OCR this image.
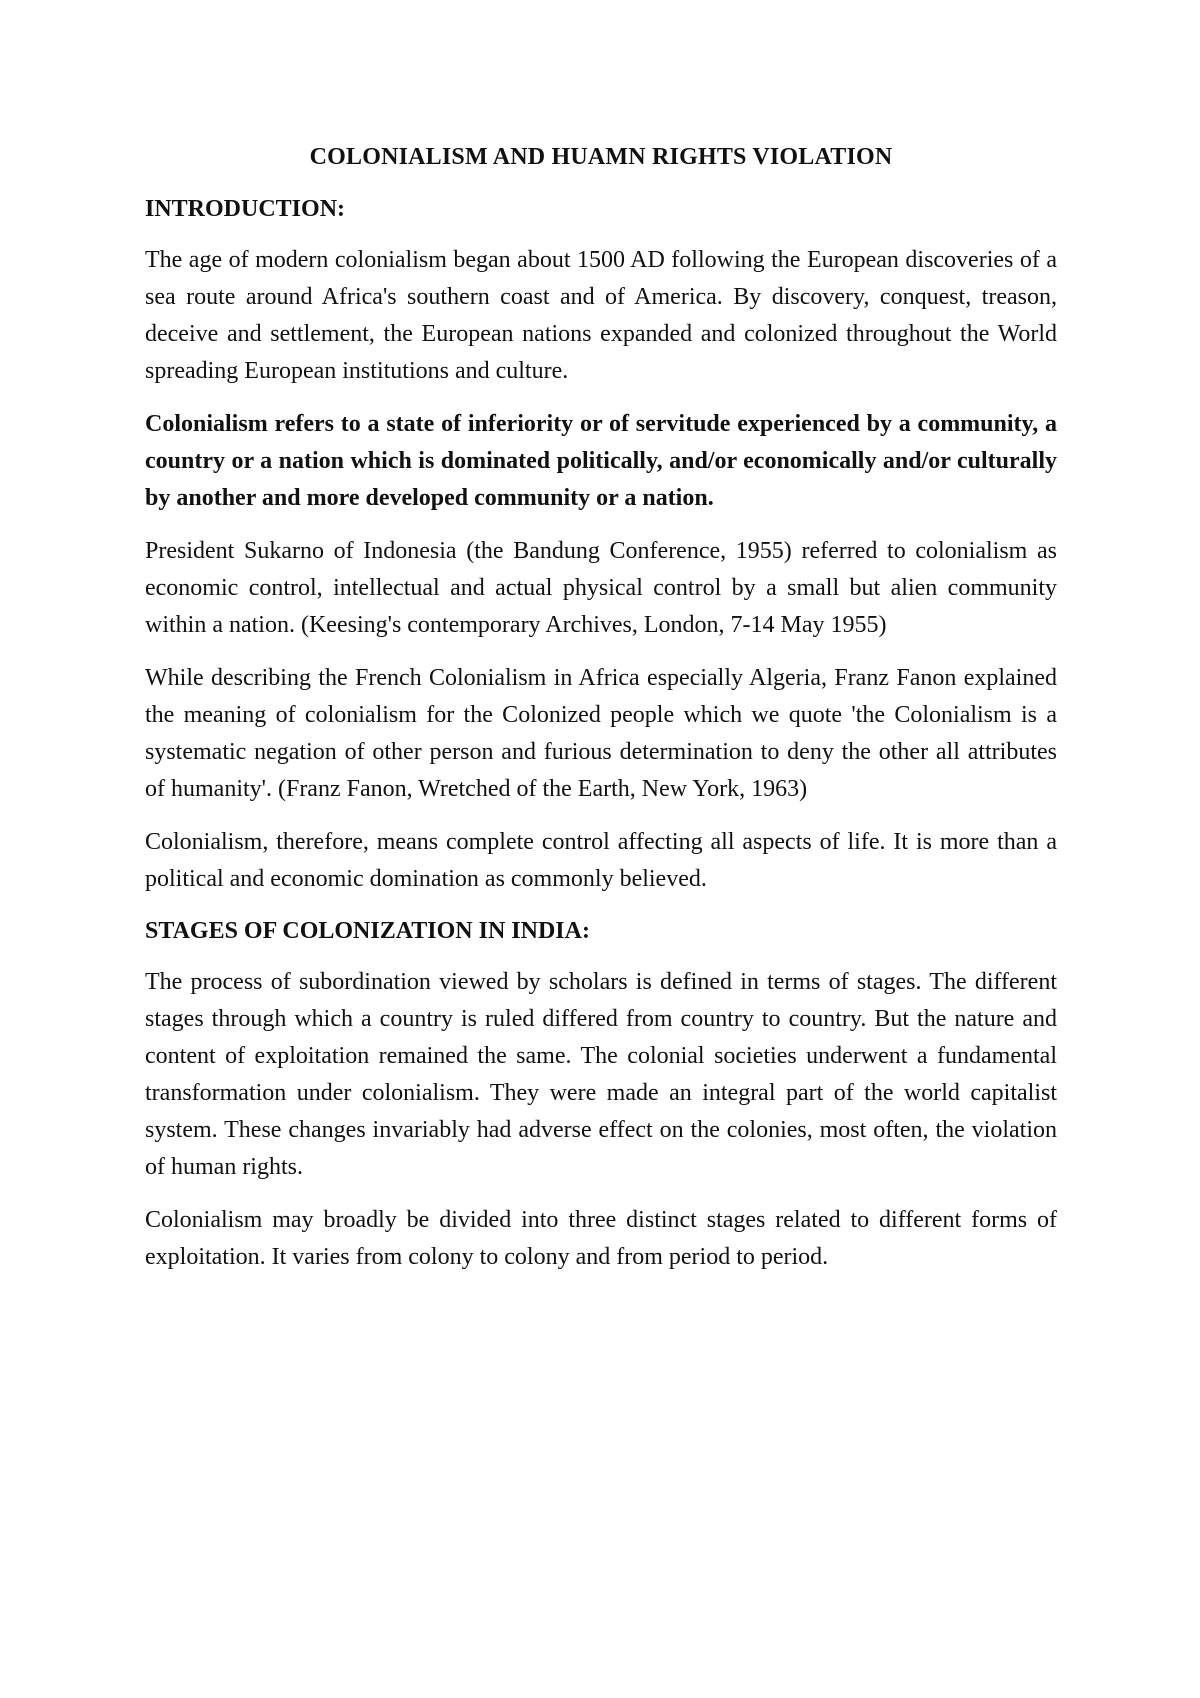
COLONIALISM AND HUAMN RIGHTS VIOLATION
INTRODUCTION:

The age of modern colonialism began about 1500 AD following the European discoveries of a sea route around Africa's southern coast and of America. By discovery, conquest, treason, deceive and settlement, the European nations expanded and colonized throughout the World spreading European institutions and culture.

Colonialism refers to a state of inferiority or of servitude experienced by a community, a country or a nation which is dominated politically, and/or economically and/or culturally by another and more developed community or a nation.

President Sukarno of Indonesia (the Bandung Conference, 1955) referred to colonialism as economic control, intellectual and actual physical control by a small but alien community within a nation. (Keesing's contemporary Archives, London, 7-14 May 1955)

While describing the French Colonialism in Africa especially Algeria, Franz Fanon explained the meaning of colonialism for the Colonized people which we quote 'the Colonialism is a systematic negation of other person and furious determination to deny the other all attributes of humanity'. (Franz Fanon, Wretched of the Earth, New York, 1963)

Colonialism, therefore, means complete control affecting all aspects of life. It is more than a political and economic domination as commonly believed.

STAGES OF COLONIZATION IN INDIA:

The process of subordination viewed by scholars is defined in terms of stages. The different stages through which a country is ruled differed from country to country. But the nature and content of exploitation remained the same. The colonial societies underwent a fundamental transformation under colonialism. They were made an integral part of the world capitalist system. These changes invariably had adverse effect on the colonies, most often, the violation of human rights.

Colonialism may broadly be divided into three distinct stages related to different forms of exploitation. It varies from colony to colony and from period to period.
